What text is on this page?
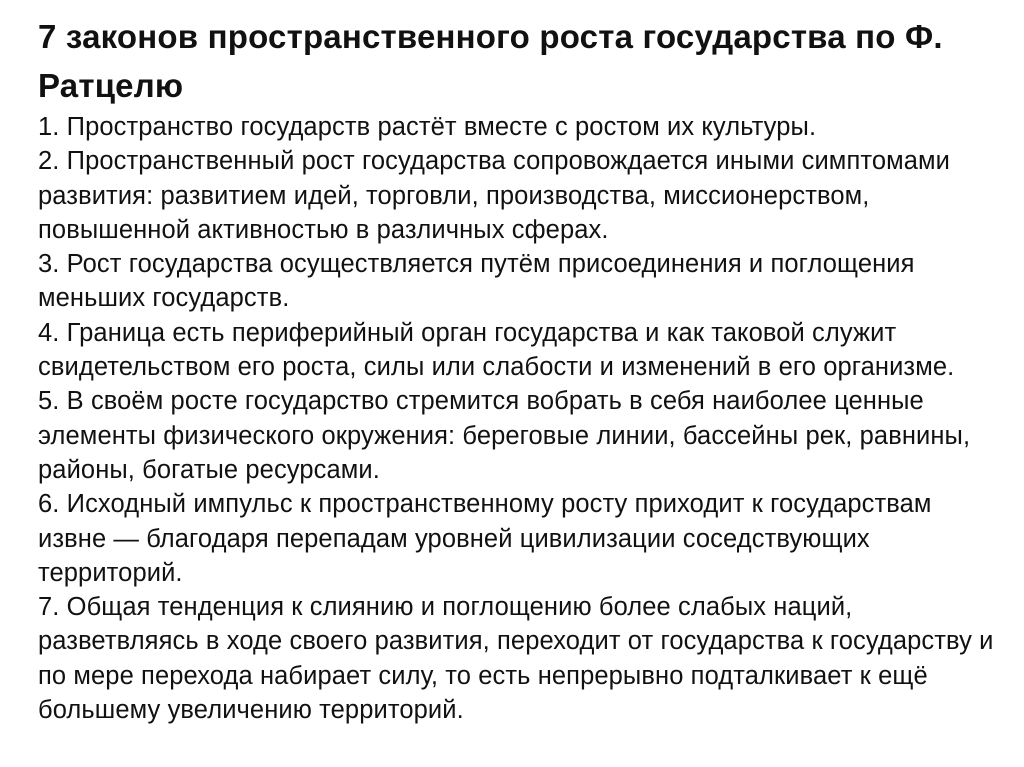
7 законов пространственного роста государства по Ф. Ратцелю
1. Пространство государств растёт вместе с ростом их культуры.
2. Пространственный рост государства сопровождается иными симптомами развития: развитием идей, торговли, производства, миссионерством, повышенной активностью в различных сферах.
3. Рост государства осуществляется путём присоединения и поглощения меньших государств.
4. Граница есть периферийный орган государства и как таковой служит свидетельством его роста, силы или слабости и изменений в его организме.
5. В своём росте государство стремится вобрать в себя наиболее ценные элементы физического окружения: береговые линии, бассейны рек, равнины, районы, богатые ресурсами.
6. Исходный импульс к пространственному росту приходит к государствам извне — благодаря перепадам уровней цивилизации соседствующих территорий.
7. Общая тенденция к слиянию и поглощению более слабых наций, разветвляясь в ходе своего развития, переходит от государства к государству и по мере перехода набирает силу, то есть непрерывно подталкивает к ещё большему увеличению территорий.
